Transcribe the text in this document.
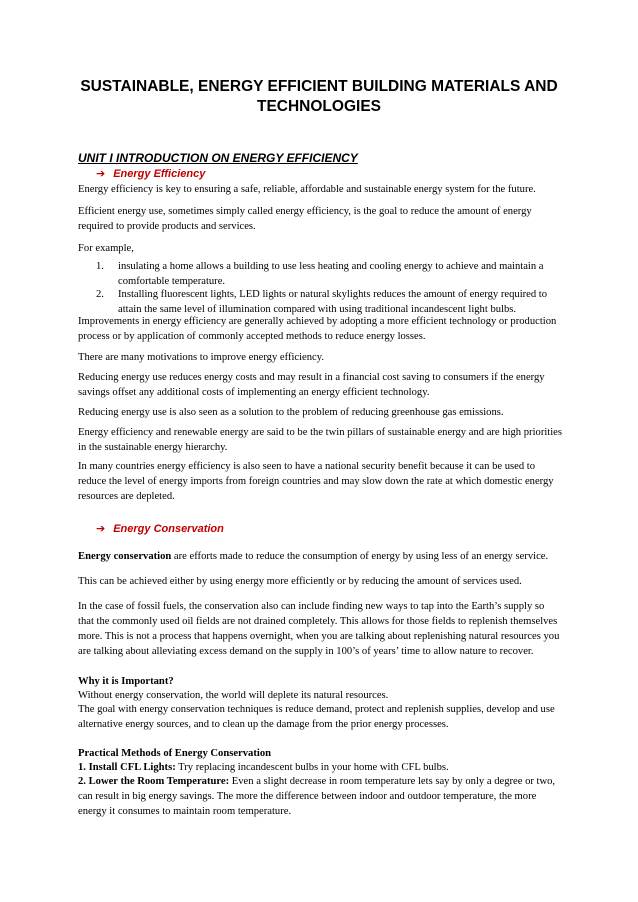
SUSTAINABLE, ENERGY EFFICIENT BUILDING MATERIALS AND TECHNOLOGIES
UNIT I INTRODUCTION ON ENERGY EFFICIENCY
➔ Energy Efficiency

Energy efficiency is key to ensuring a safe, reliable, affordable and sustainable energy system for the future.

Efficient energy use, sometimes simply called energy efficiency, is the goal to reduce the amount of energy required to provide products and services.

For example,

1. insulating a home allows a building to use less heating and cooling energy to achieve and maintain a comfortable temperature.

2. Installing fluorescent lights, LED lights or natural skylights reduces the amount of energy required to attain the same level of illumination compared with using traditional incandescent light bulbs.

Improvements in energy efficiency are generally achieved by adopting a more efficient technology or production process or by application of commonly accepted methods to reduce energy losses.

There are many motivations to improve energy efficiency.

Reducing energy use reduces energy costs and may result in a financial cost saving to consumers if the energy savings offset any additional costs of implementing an energy efficient technology.

Reducing energy use is also seen as a solution to the problem of reducing greenhouse gas emissions.

Energy efficiency and renewable energy are said to be the twin pillars of sustainable energy and are high priorities in the sustainable energy hierarchy.

In many countries energy efficiency is also seen to have a national security benefit because it can be used to reduce the level of energy imports from foreign countries and may slow down the rate at which domestic energy resources are depleted.

➔ Energy Conservation

Energy conservation are efforts made to reduce the consumption of energy by using less of an energy service.

This can be achieved either by using energy more efficiently or by reducing the amount of services used.

In the case of fossil fuels, the conservation also can include finding new ways to tap into the Earth’s supply so that the commonly used oil fields are not drained completely. This allows for those fields to replenish themselves more. This is not a process that happens overnight, when you are talking about replenishing natural resources you are talking about alleviating excess demand on the supply in 100’s of years’ time to allow nature to recover.

Why it is Important?

Without energy conservation, the world will deplete its natural resources.

The goal with energy conservation techniques is reduce demand, protect and replenish supplies, develop and use alternative energy sources, and to clean up the damage from the prior energy processes.

Practical Methods of Energy Conservation

1. Install CFL Lights: Try replacing incandescent bulbs in your home with CFL bulbs.

2. Lower the Room Temperature: Even a slight decrease in room temperature lets say by only a degree or two, can result in big energy savings. The more the difference between indoor and outdoor temperature, the more energy it consumes to maintain room temperature.
